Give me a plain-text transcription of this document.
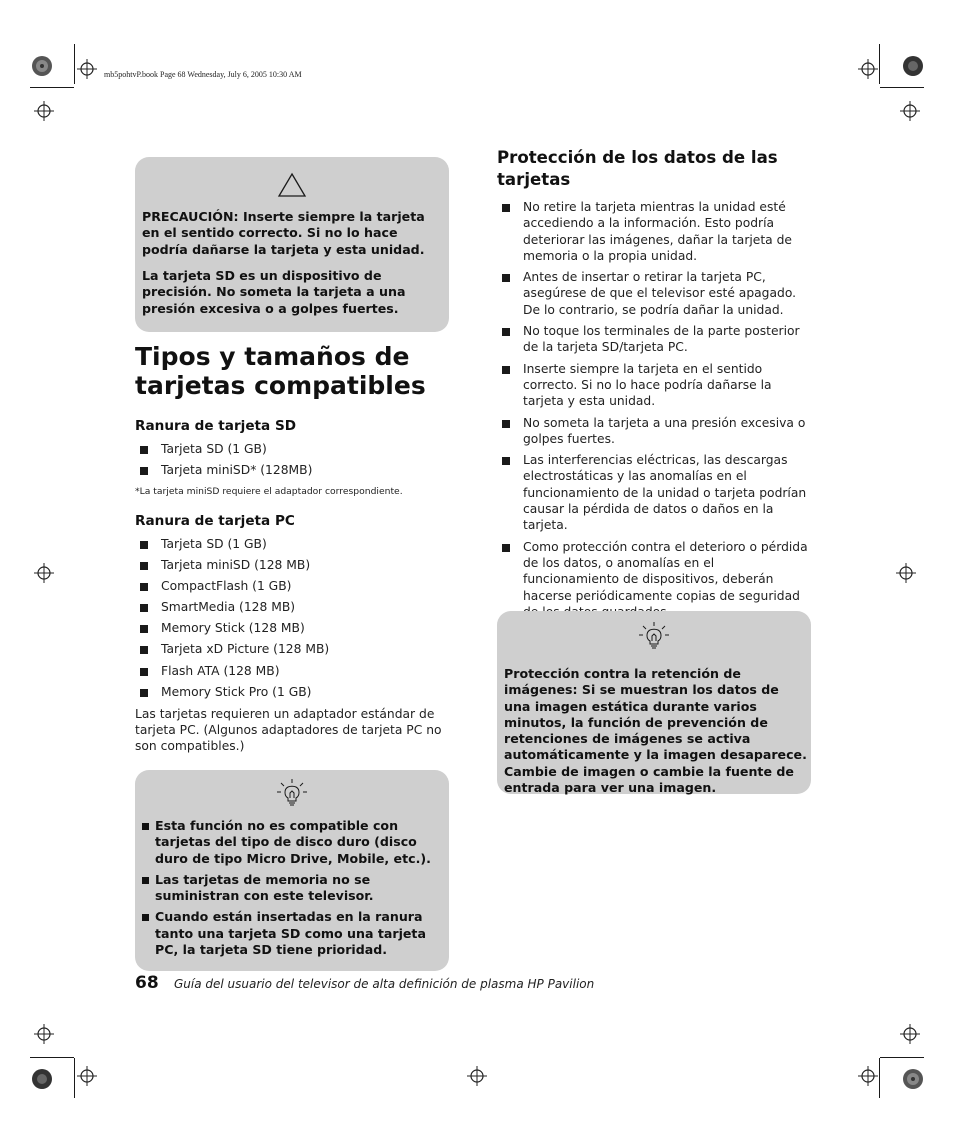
mb5pohtvP.book Page 68 Wednesday, July 6, 2005 10:30 AM

PRECAUCIÓN: Inserte siempre la tarjeta en el sentido correcto. Si no lo hace podría dañarse la tarjeta y esta unidad.

La tarjeta SD es un dispositivo de precisión. No someta la tarjeta a una presión excesiva o a golpes fuertes.

Tipos y tamaños de tarjetas compatibles
Ranura de tarjeta SD
Tarjeta SD (1 GB)
Tarjeta miniSD* (128MB)
*La tarjeta miniSD requiere el adaptador correspondiente.
Ranura de tarjeta PC
Tarjeta SD (1 GB)
Tarjeta miniSD (128 MB)
CompactFlash (1 GB)
SmartMedia (128 MB)
Memory Stick (128 MB)
Tarjeta xD Picture (128 MB)
Flash ATA (128 MB)
Memory Stick Pro (1 GB)
Las tarjetas requieren un adaptador estándar de tarjeta PC. (Algunos adaptadores de tarjeta PC no son compatibles.)
Esta función no es compatible con tarjetas del tipo de disco duro (disco duro de tipo Micro Drive, Mobile, etc.).
Las tarjetas de memoria no se suministran con este televisor.
Cuando están insertadas en la ranura tanto una tarjeta SD como una tarjeta PC, la tarjeta SD tiene prioridad.
Protección de los datos de las tarjetas
No retire la tarjeta mientras la unidad esté accediendo a la información. Esto podría deteriorar las imágenes, dañar la tarjeta de memoria o la propia unidad.
Antes de insertar o retirar la tarjeta PC, asegúrese de que el televisor esté apagado. De lo contrario, se podría dañar la unidad.
No toque los terminales de la parte posterior de la tarjeta SD/tarjeta PC.
Inserte siempre la tarjeta en el sentido correcto. Si no lo hace podría dañarse la tarjeta y esta unidad.
No someta la tarjeta a una presión excesiva o golpes fuertes.
Las interferencias eléctricas, las descargas electrostáticas y las anomalías en el funcionamiento de la unidad o tarjeta podrían causar la pérdida de datos o daños en la tarjeta.
Como protección contra el deterioro o pérdida de los datos, o anomalías en el funcionamiento de dispositivos, deberán hacerse periódicamente copias de seguridad

Protección contra la retención de imágenes: Si se muestran los datos de una imagen estática durante varios minutos, la función de prevención de retenciones de imágenes se activa automáticamente y la imagen desaparece. Cambie de imagen o cambie la fuente de entrada para ver una imagen.

68 Guía del usuario del televisor de alta definición de plasma HP Pavilion
